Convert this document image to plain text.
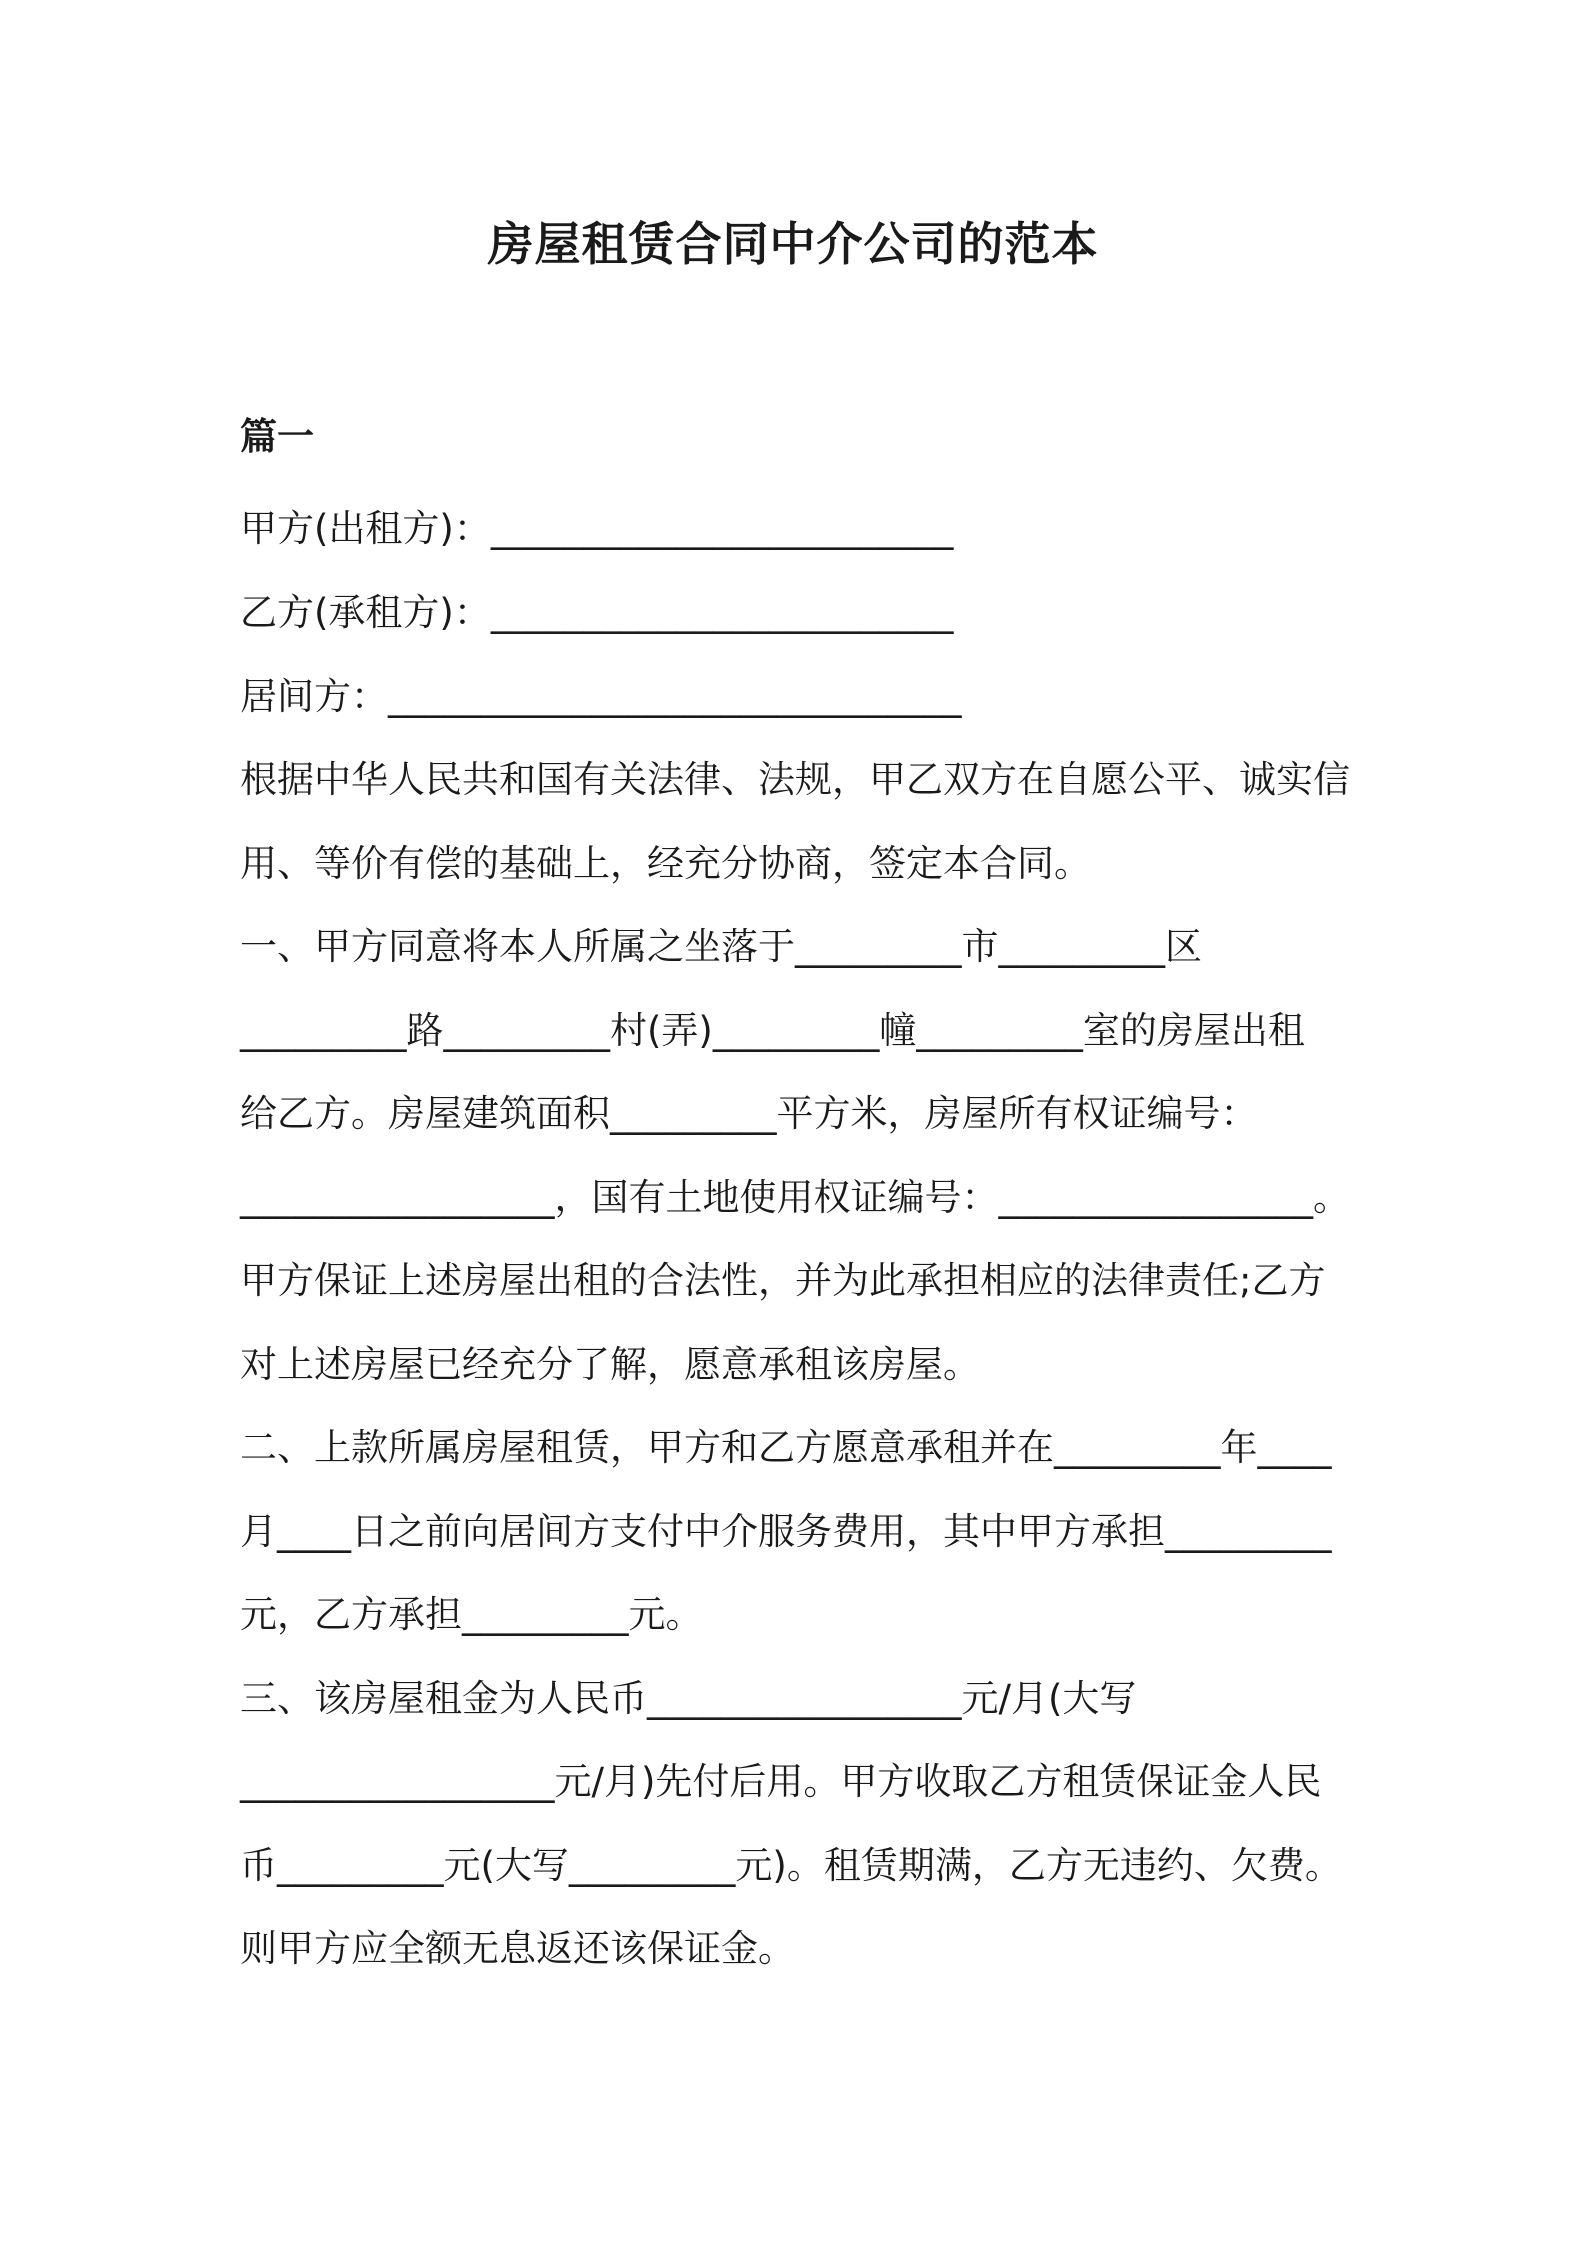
房屋租赁合同中介公司的范本
篇一
甲方(出租方)：_________________________
乙方(承租方)：_________________________
居间方：_______________________________
根据中华人民共和国有关法律、法规，甲乙双方在自愿公平、诚实信
用、等价有偿的基础上，经充分协商，签定本合同。
一、甲方同意将本人所属之坐落于_________市_________区
_________路_________村(弄)_________幢_________室的房屋出租
给乙方。房屋建筑面积_________平方米，房屋所有权证编号：
_________________，国有土地使用权证编号：_________________。
甲方保证上述房屋出租的合法性，并为此承担相应的法律责任;乙方
对上述房屋已经充分了解，愿意承租该房屋。
二、上款所属房屋租赁，甲方和乙方愿意承租并在_________年____
月____日之前向居间方支付中介服务费用，其中甲方承担_________
元，乙方承担_________元。
三、该房屋租金为人民币_________________元/月(大写
_________________元/月)先付后用。甲方收取乙方租赁保证金人民
币_________元(大写_________元)。租赁期满，乙方无违约、欠费。
则甲方应全额无息返还该保证金。
